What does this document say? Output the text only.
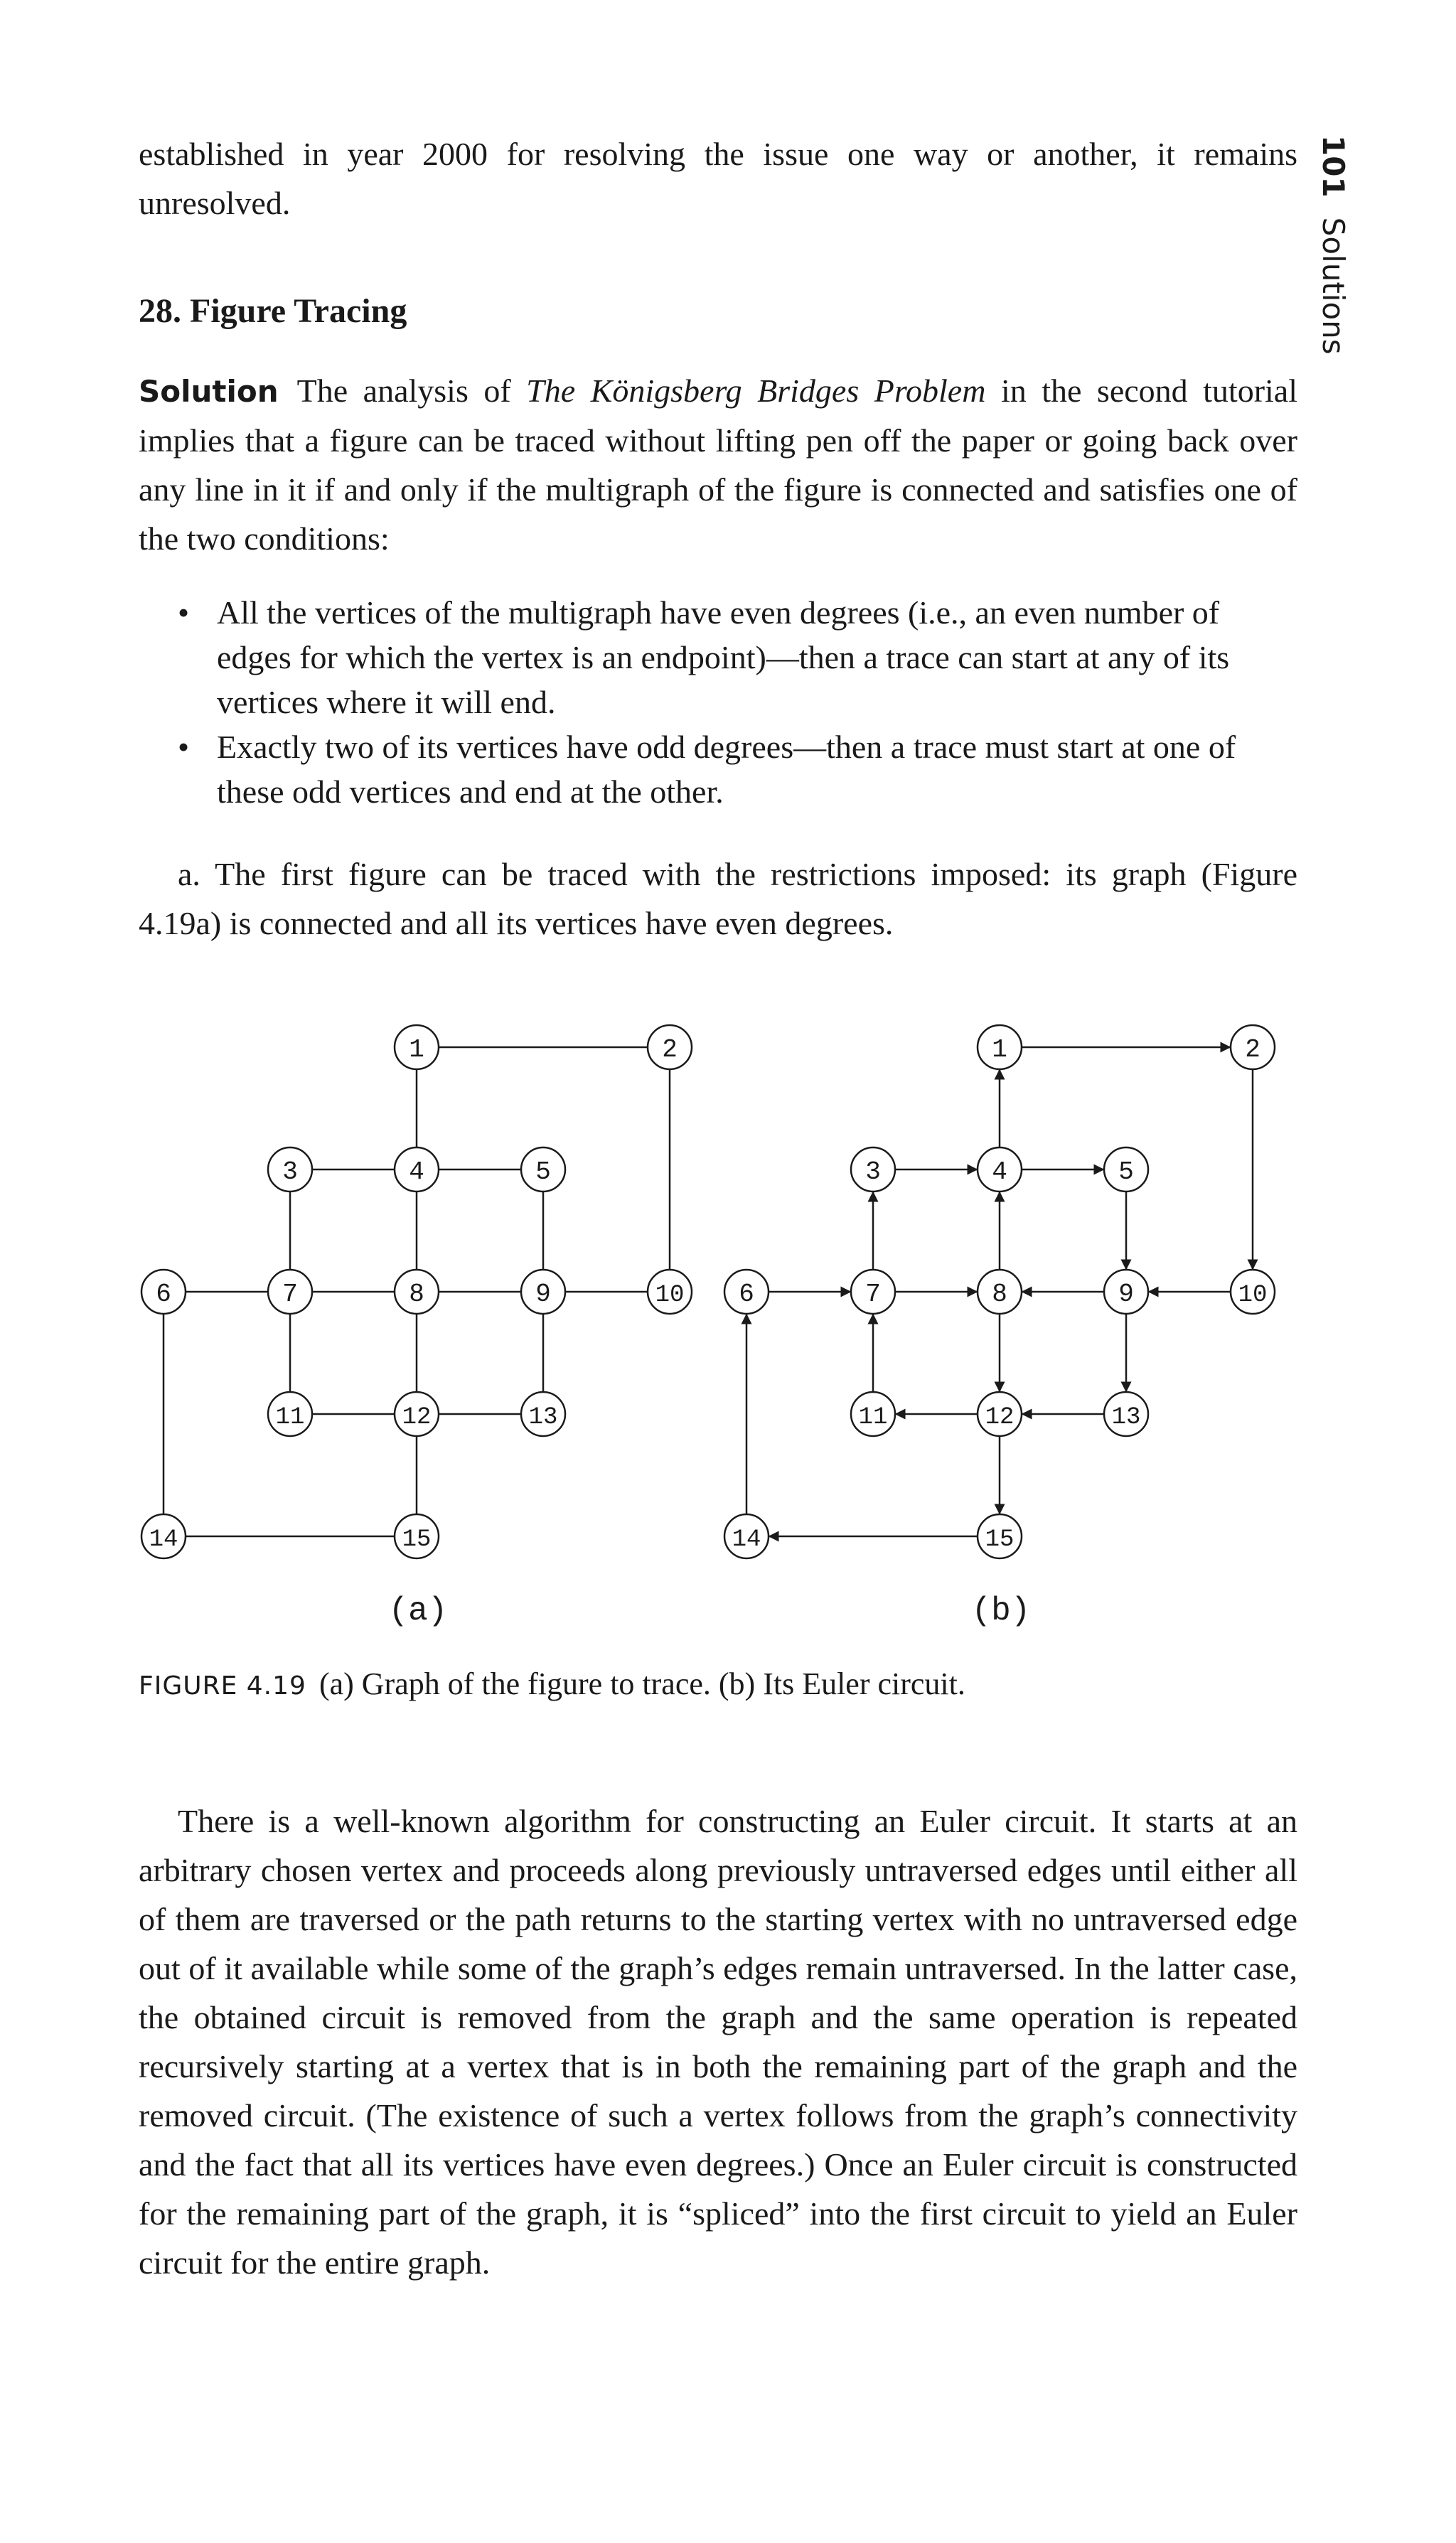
101Solutions

established in year 2000 for resolving the issue one way or another, it remains unresolved.

28. Figure Tracing

Solution The analysis of The Königsberg Bridges Problem in the second tutorial implies that a figure can be traced without lifting pen off the paper or going back over any line in it if and only if the multigraph of the figure is connected and satisfies one of the two conditions:

• All the vertices of the multigraph have even degrees (i.e., an even number of edges for which the vertex is an endpoint)—then a trace can start at any of its vertices where it will end.
• Exactly two of its vertices have odd degrees—then a trace must start at one of these odd vertices and end at the other.

a. The first figure can be traced with the restrictions imposed: its graph (Figure 4.19a) is connected and all its vertices have even degrees.

1	2
3	4	5
6	7	8	9	10
11	12	13
14	15
1	2
3	4	5
6	7	8	9	10
11	12	13
14	15
(a)	(b)

FIGURE 4.19 (a) Graph of the figure to trace. (b) Its Euler circuit.

There is a well-known algorithm for constructing an Euler circuit. It starts at an arbitrary chosen vertex and proceeds along previously untraversed edges until either all of them are traversed or the path returns to the starting vertex with no untraversed edge out of it available while some of the graph’s edges remain untraversed. In the latter case, the obtained circuit is removed from the graph and the same operation is repeated recursively starting at a vertex that is in both the remaining part of the graph and the removed circuit. (The existence of such a vertex follows from the graph’s connectivity and the fact that all its vertices have even degrees.) Once an Euler circuit is constructed for the remaining part of the graph, it is “spliced” into the first circuit to yield an Euler circuit for the entire graph.
